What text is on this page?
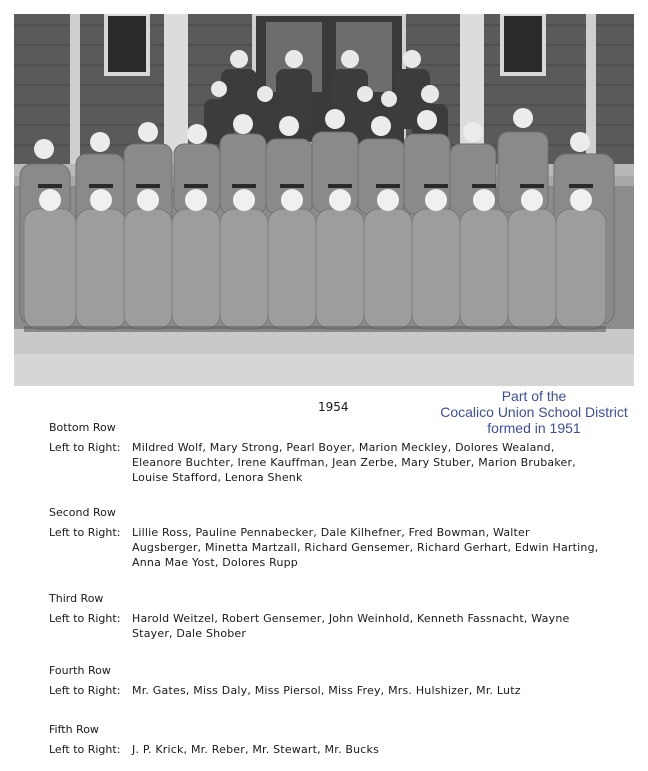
1954
Part of the
Cocalico Union School District
formed in 1951
Bottom Row
Left to Right:	Mildred Wolf, Mary Strong, Pearl Boyer, Marion Meckley, Dolores Wealand, Eleanore Buchter, Irene Kauffman, Jean Zerbe, Mary Stuber, Marion Brubaker, Louise Stafford, Lenora Shenk
Second Row
Left to Right:	Lillie Ross, Pauline Pennabecker, Dale Kilhefner, Fred Bowman, Walter Augsberger, Minetta Martzall, Richard Gensemer, Richard Gerhart, Edwin Harting, Anna Mae Yost, Dolores Rupp
Third Row
Left to Right:	Harold Weitzel, Robert Gensemer, John Weinhold, Kenneth Fassnacht, Wayne Stayer, Dale Shober
Fourth Row
Left to Right:	Mr. Gates, Miss Daly, Miss Piersol, Miss Frey, Mrs. Hulshizer, Mr. Lutz
Fifth Row
Left to Right:	J. P. Krick, Mr. Reber, Mr. Stewart, Mr. Bucks
